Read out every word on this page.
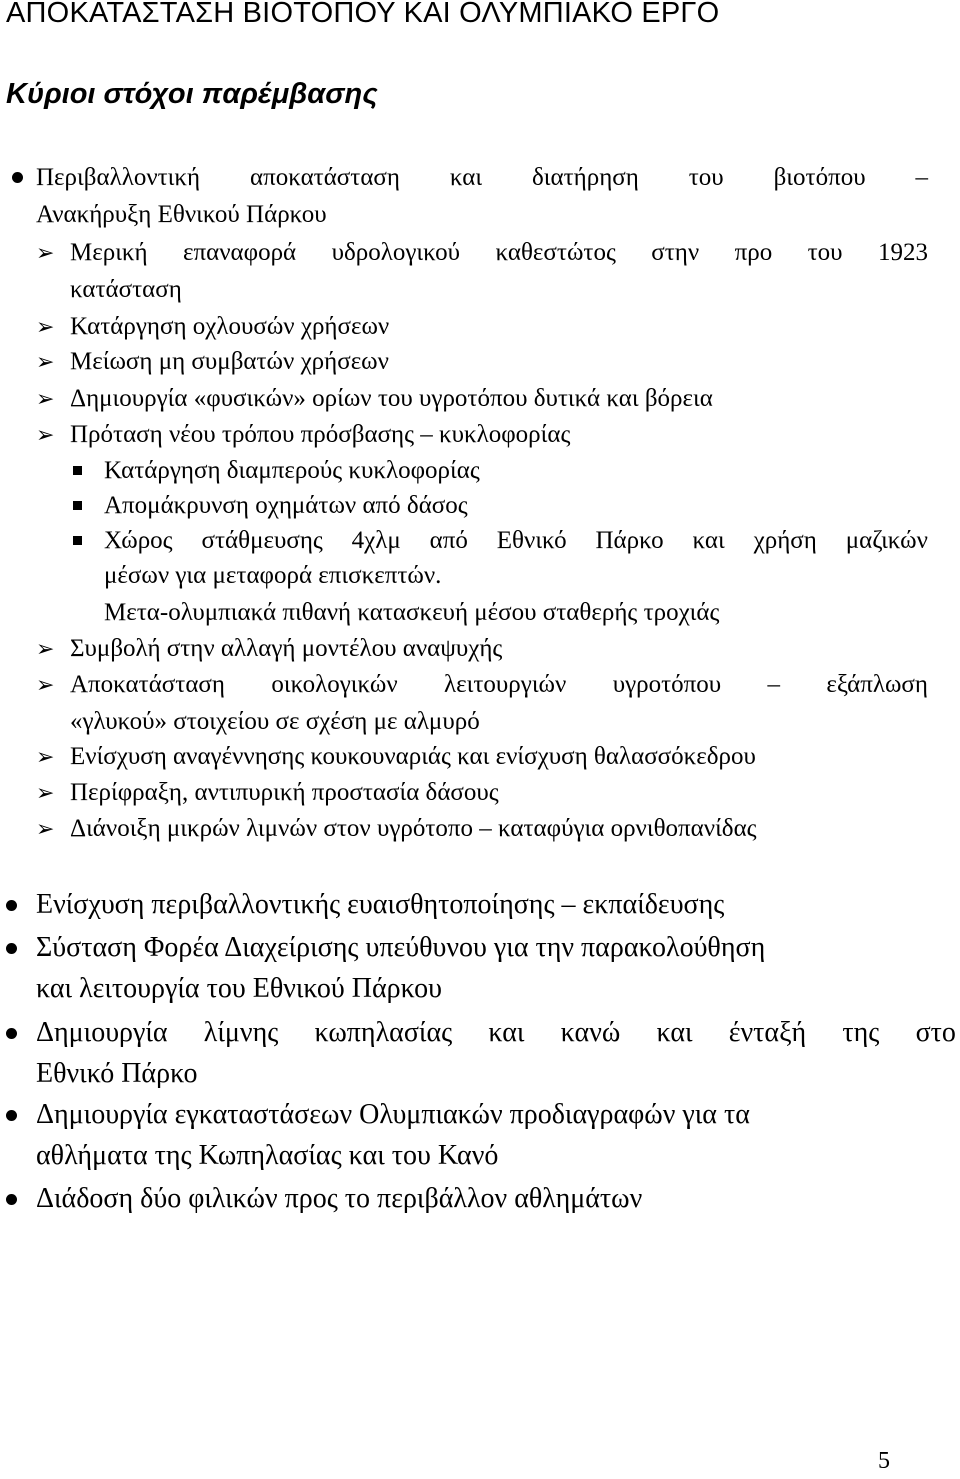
ΑΠΟΚΑΤΑΣΤΑΣΗ ΒΙΟΤΟΠΟΥ ΚΑΙ ΟΛΥΜΠΙΑΚΟ ΕΡΓΟ
Κύριοι στόχοι παρέμβασης
Περιβαλλοντική αποκατάσταση και διατήρηση του βιοτόπου –
Ανακήρυξη Εθνικού Πάρκου
➢ Μερική επαναφορά υδρολογικού καθεστώτος στην προ του 1923
κατάσταση
➢ Κατάργηση οχλουσών χρήσεων
➢ Μείωση μη συμβατών χρήσεων
➢ Δημιουργία «φυσικών» ορίων του υγροτόπου δυτικά και βόρεια
➢ Πρόταση νέου τρόπου πρόσβασης – κυκλοφορίας
Κατάργηση διαμπερούς κυκλοφορίας
Απομάκρυνση οχημάτων από δάσος
Χώρος στάθμευσης 4χλμ από Εθνικό Πάρκο και χρήση μαζικών
μέσων για μεταφορά επισκεπτών.
Μετα-ολυμπιακά πιθανή κατασκευή μέσου σταθερής τροχιάς
➢ Συμβολή στην αλλαγή μοντέλου αναψυχής
➢ Αποκατάσταση οικολογικών λειτουργιών υγροτόπου – εξάπλωση
«γλυκού» στοιχείου σε σχέση με αλμυρό
➢ Ενίσχυση αναγέννησης κουκουναριάς και ενίσχυση θαλασσόκεδρου
➢ Περίφραξη, αντιπυρική προστασία δάσους
➢ Διάνοιξη μικρών λιμνών στον υγρότοπο – καταφύγια ορνιθοπανίδας
Ενίσχυση περιβαλλοντικής ευαισθητοποίησης – εκπαίδευσης
Σύσταση Φορέα Διαχείρισης υπεύθυνου για την παρακολούθηση
και λειτουργία του Εθνικού Πάρκου
Δημιουργία λίμνης κωπηλασίας και κανώ και ένταξή της στο
Εθνικό Πάρκο
Δημιουργία εγκαταστάσεων Ολυμπιακών προδιαγραφών για τα
αθλήματα της Κωπηλασίας και του Κανό
Διάδοση δύο φιλικών προς το περιβάλλον αθλημάτων
5
